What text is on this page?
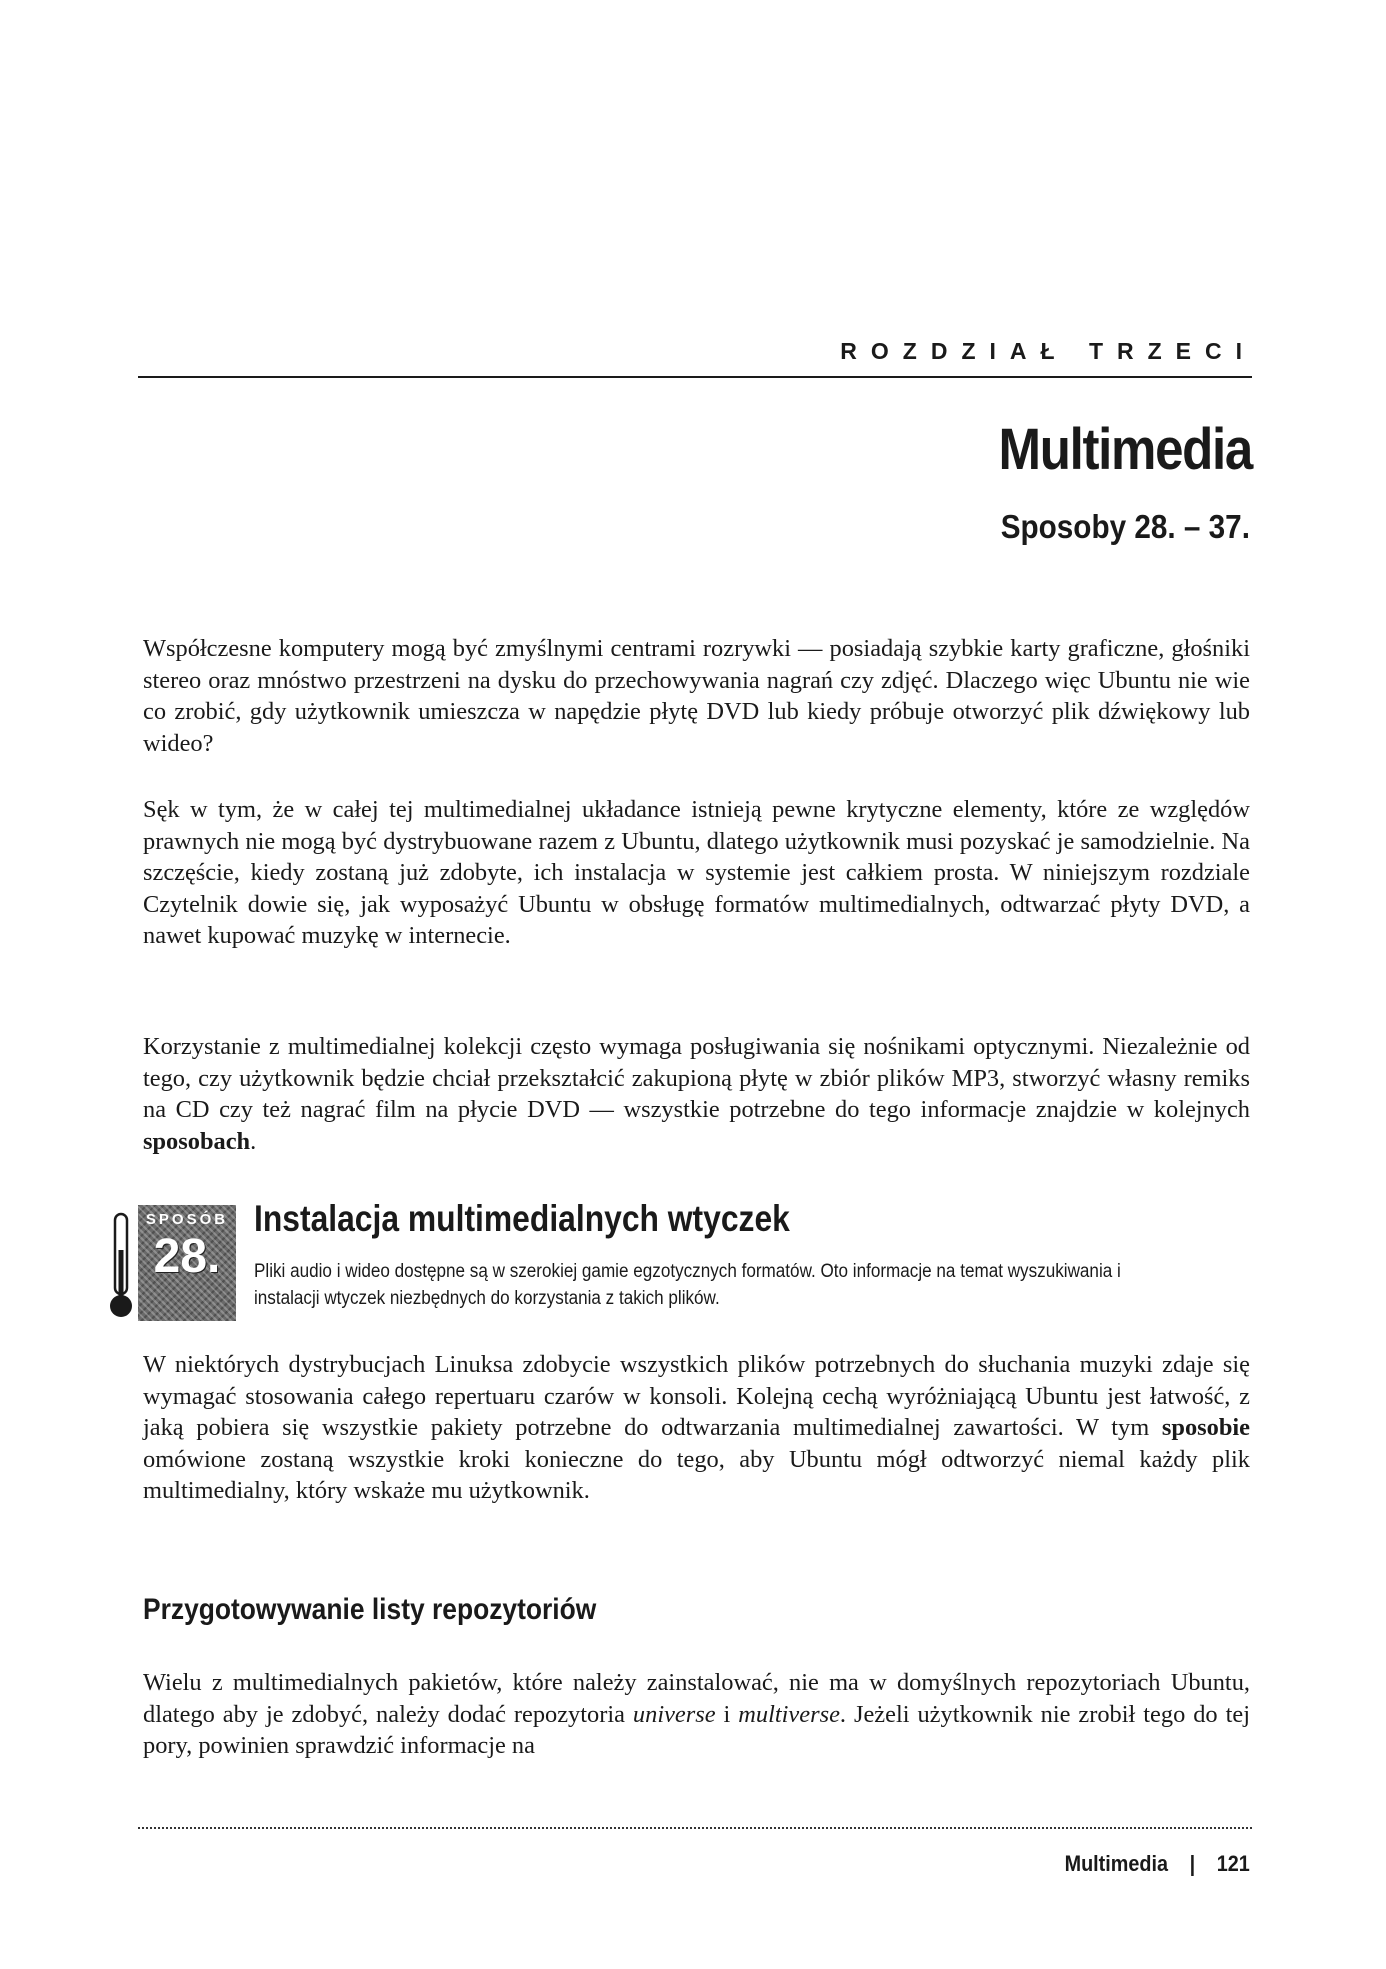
ROZDZIAŁ TRZECI
Multimedia
Sposoby 28. – 37.

Współczesne komputery mogą być zmyślnymi centrami rozrywki — posiadają szybkie karty graficzne, głośniki stereo oraz mnóstwo przestrzeni na dysku do przechowywania nagrań czy zdjęć. Dlaczego więc Ubuntu nie wie co zrobić, gdy użytkownik umieszcza w napędzie płytę DVD lub kiedy próbuje otworzyć plik dźwiękowy lub wideo?

Sęk w tym, że w całej tej multimedialnej układance istnieją pewne krytyczne elementy, które ze względów prawnych nie mogą być dystrybuowane razem z Ubuntu, dlatego użytkownik musi pozyskać je samodzielnie. Na szczęście, kiedy zostaną już zdobyte, ich instalacja w systemie jest całkiem prosta. W niniejszym rozdziale Czytelnik dowie się, jak wyposażyć Ubuntu w obsługę formatów multimedialnych, odtwarzać płyty DVD, a nawet kupować muzykę w internecie.

Korzystanie z multimedialnej kolekcji często wymaga posługiwania się nośnikami optycznymi. Niezależnie od tego, czy użytkownik będzie chciał przekształcić zakupioną płytę w zbiór plików MP3, stworzyć własny remiks na CD czy też nagrać film na płycie DVD — wszystkie potrzebne do tego informacje znajdzie w kolejnych sposobach.

SPOSÓB
28.
Instalacja multimedialnych wtyczek

Pliki audio i wideo dostępne są w szerokiej gamie egzotycznych formatów. Oto informacje na temat wyszukiwania i instalacji wtyczek niezbędnych do korzystania z takich plików.

W niektórych dystrybucjach Linuksa zdobycie wszystkich plików potrzebnych do słuchania muzyki zdaje się wymagać stosowania całego repertuaru czarów w konsoli. Kolejną cechą wyróżniającą Ubuntu jest łatwość, z jaką pobiera się wszystkie pakiety potrzebne do odtwarzania multimedialnej zawartości. W tym sposobie omówione zostaną wszystkie kroki konieczne do tego, aby Ubuntu mógł odtworzyć niemal każdy plik multimedialny, który wskaże mu użytkownik.

Przygotowywanie listy repozytoriów

Wielu z multimedialnych pakietów, które należy zainstalować, nie ma w domyślnych repozytoriach Ubuntu, dlatego aby je zdobyć, należy dodać repozytoria universe i multiverse. Jeżeli użytkownik nie zrobił tego do tej pory, powinien sprawdzić informacje na

Multimedia | 121
